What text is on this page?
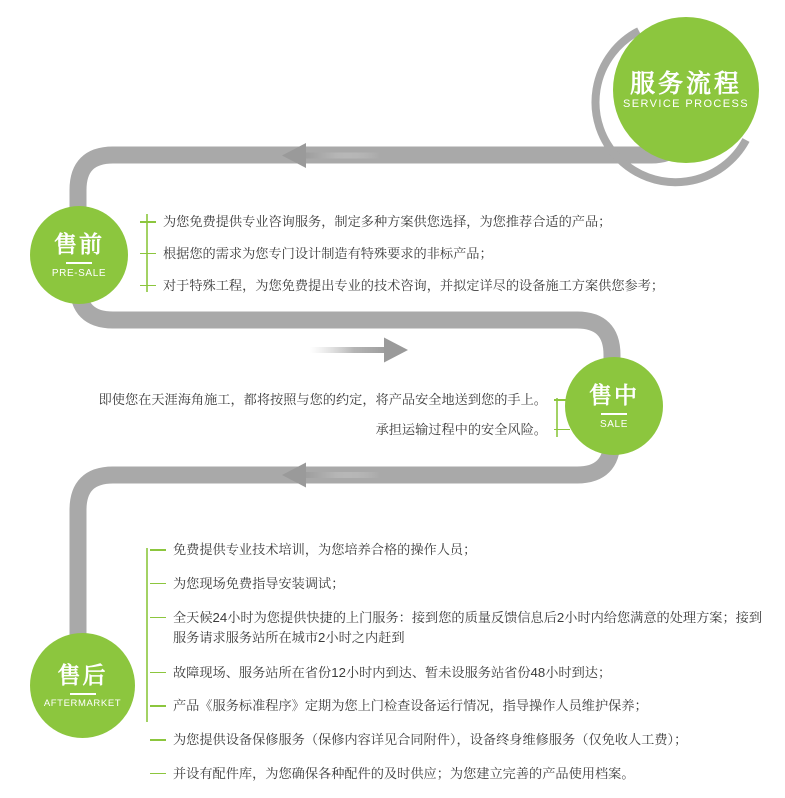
服务流程
SERVICE PROCESS
售前
PRE-SALE
售中
SALE
售后
AFTERMARKET
为您免费提供专业咨询服务，制定多种方案供您选择，为您推荐合适的产品；
根据您的需求为您专门设计制造有特殊要求的非标产品；
对于特殊工程，为您免费提出专业的技术咨询，并拟定详尽的设备施工方案供您参考；
即使您在天涯海角施工，都将按照与您的约定，将产品安全地送到您的手上。
承担运输过程中的安全风险。
免费提供专业技术培训，为您培养合格的操作人员；
为您现场免费指导安装调试；
全天候24小时为您提供快捷的上门服务：接到您的质量反馈信息后2小时内给您满意的处理方案；接到服务请求服务站所在城市2小时之内赶到
故障现场、服务站所在省份12小时内到达、暂未设服务站省份48小时到达；
产品《服务标准程序》定期为您上门检查设备运行情况，指导操作人员维护保养；
为您提供设备保修服务（保修内容详见合同附件），设备终身维修服务（仅免收人工费）；
并设有配件库，为您确保各种配件的及时供应；为您建立完善的产品使用档案。
